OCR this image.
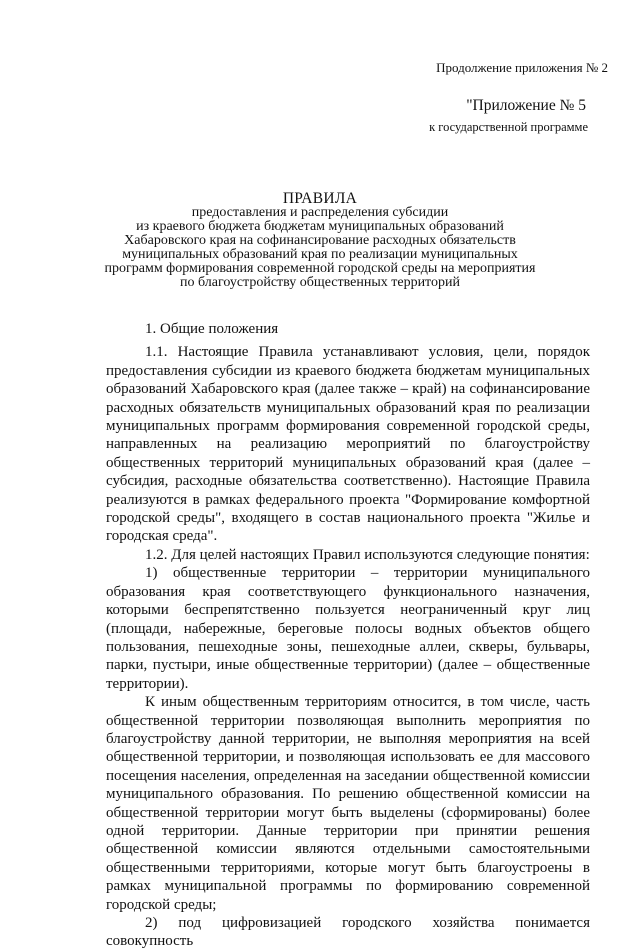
Продолжение приложения № 2
"Приложение № 5
к государственной программе
ПРАВИЛА
предоставления и распределения субсидии
из краевого бюджета бюджетам муниципальных образований
Хабаровского края на софинансирование расходных обязательств
муниципальных образований края по реализации муниципальных
программ формирования современной городской среды на мероприятия
по благоустройству общественных территорий

1. Общие положения

1.1. Настоящие Правила устанавливают условия, цели, порядок предоставления субсидии из краевого бюджета бюджетам муниципальных образований Хабаровского края (далее также – край) на софинансирование расходных обязательств муниципальных образований края по реализации муниципальных программ формирования современной городской среды, направленных на реализацию мероприятий по благоустройству общественных территорий муниципальных образований края (далее – субсидия, расходные обязательства соответственно). Настоящие Правила реализуются в рамках федерального проекта "Формирование комфортной городской среды", входящего в состав национального проекта "Жилье и городская среда".

1.2. Для целей настоящих Правил используются следующие понятия:

1) общественные территории – территории муниципального образования края соответствующего функционального назначения, которыми беспрепятственно пользуется неограниченный круг лиц (площади, набережные, береговые полосы водных объектов общего пользования, пешеходные зоны, пешеходные аллеи, скверы, бульвары, парки, пустыри, иные общественные территории) (далее – общественные территории).

К иным общественным территориям относится, в том числе, часть общественной территории позволяющая выполнить мероприятия по благоустройству данной территории, не выполняя мероприятия на всей общественной территории, и позволяющая использовать ее для массового посещения населения, определенная на заседании общественной комиссии муниципального образования. По решению общественной комиссии на общественной территории могут быть выделены (сформированы) более одной территории. Данные территории при принятии решения общественной комиссии являются отдельными самостоятельными общественными территориями, которые могут быть благоустроены в рамках муниципальной программы по формированию современной городской среды;

2) под цифровизацией городского хозяйства понимается совокупность
